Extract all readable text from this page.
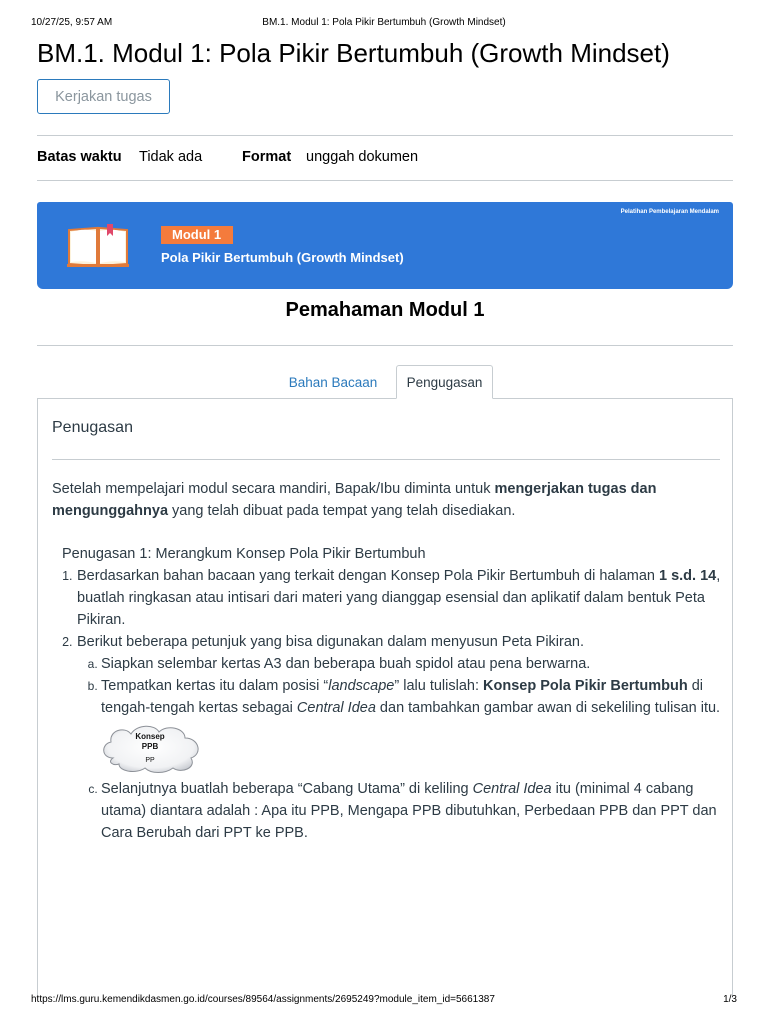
10/27/25, 9:57 AM	BM.1. Modul 1: Pola Pikir Bertumbuh (Growth Mindset)
BM.1. Modul 1: Pola Pikir Bertumbuh (Growth Mindset)
Kerjakan tugas
Batas waktu Tidak ada	Format unggah dokumen
Pelatihan Pembelajaran Mendalam
Modul 1
Pola Pikir Bertumbuh (Growth Mindset)
Pemahaman Modul 1
Bahan Bacaan	Pengugasan
Penugasan

Setelah mempelajari modul secara mandiri, Bapak/Ibu diminta untuk mengerjakan tugas dan mengunggahnya yang telah dibuat pada tempat yang telah disediakan.

Penugasan 1: Merangkum Konsep Pola Pikir Bertumbuh

1. Berdasarkan bahan bacaan yang terkait dengan Konsep Pola Pikir Bertumbuh di halaman 1 s.d. 14, buatlah ringkasan atau intisari dari materi yang dianggap esensial dan aplikatif dalam bentuk Peta Pikiran.
2. Berikut beberapa petunjuk yang bisa digunakan dalam menyusun Peta Pikiran.
a. Siapkan selembar kertas A3 dan beberapa buah spidol atau pena berwarna.
b. Tempatkan kertas itu dalam posisi “landscape” lalu tulislah: Konsep Pola Pikir Bertumbuh di tengah-tengah kertas sebagai Central Idea dan tambahkan gambar awan di sekeliling tulisan itu.
Konsep
PPB
PP
c. Selanjutnya buatlah beberapa “Cabang Utama” di keliling Central Idea itu (minimal 4 cabang utama) diantara adalah : Apa itu PPB, Mengapa PPB dibutuhkan, Perbedaan PPB dan PPT dan Cara Berubah dari PPT ke PPB.
https://lms.guru.kemendikdasmen.go.id/courses/89564/assignments/2695249?module_item_id=5661387	1/3
